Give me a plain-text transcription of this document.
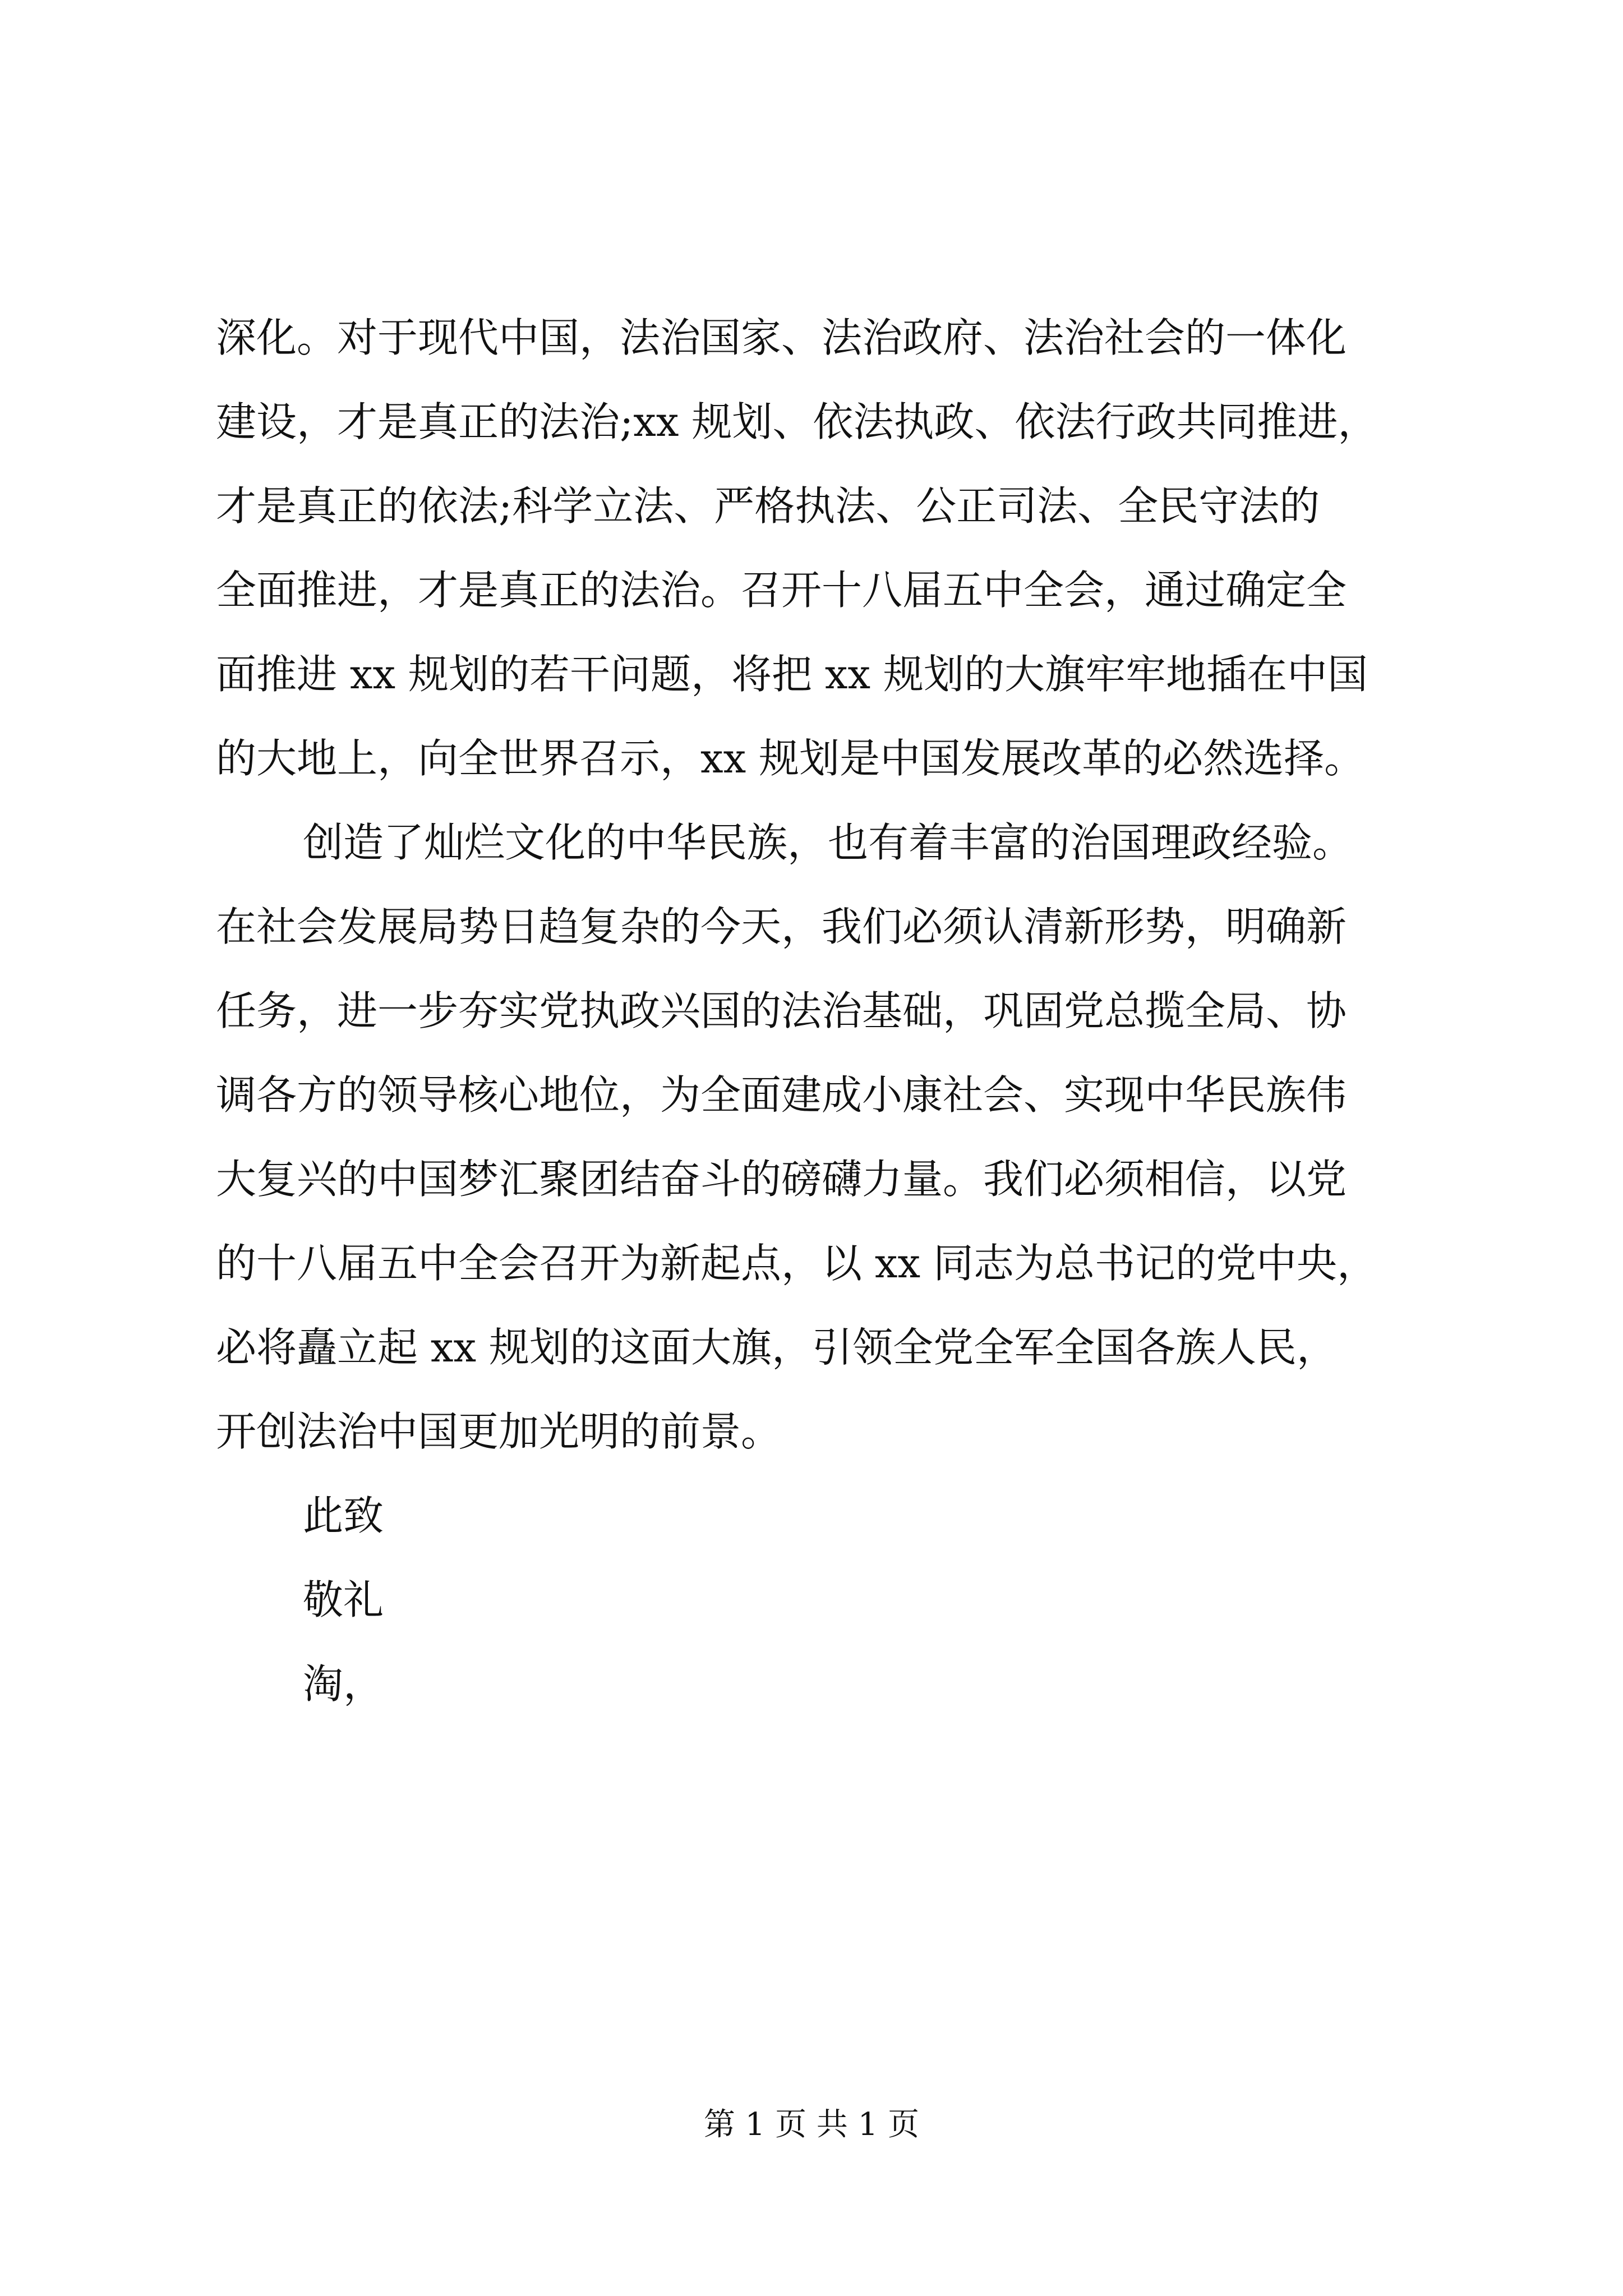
深化。对于现代中国，法治国家、法治政府、法治社会的一体化
建设，才是真正的法治;xx 规划、依法执政、依法行政共同推进，
才是真正的依法;科学立法、严格执法、公正司法、全民守法的
全面推进，才是真正的法治。召开十八届五中全会，通过确定全
面推进 xx 规划的若干问题，将把 xx 规划的大旗牢牢地插在中国
的大地上，向全世界召示，xx 规划是中国发展改革的必然选择。
创造了灿烂文化的中华民族，也有着丰富的治国理政经验。
在社会发展局势日趋复杂的今天，我们必须认清新形势，明确新
任务，进一步夯实党执政兴国的法治基础，巩固党总揽全局、协
调各方的领导核心地位，为全面建成小康社会、实现中华民族伟
大复兴的中国梦汇聚团结奋斗的磅礴力量。我们必须相信，以党
的十八届五中全会召开为新起点，以 xx 同志为总书记的党中央，
必将矗立起 xx 规划的这面大旗，引领全党全军全国各族人民，
开创法治中国更加光明的前景。
此致
敬礼
淘，
第 1 页 共 1 页
